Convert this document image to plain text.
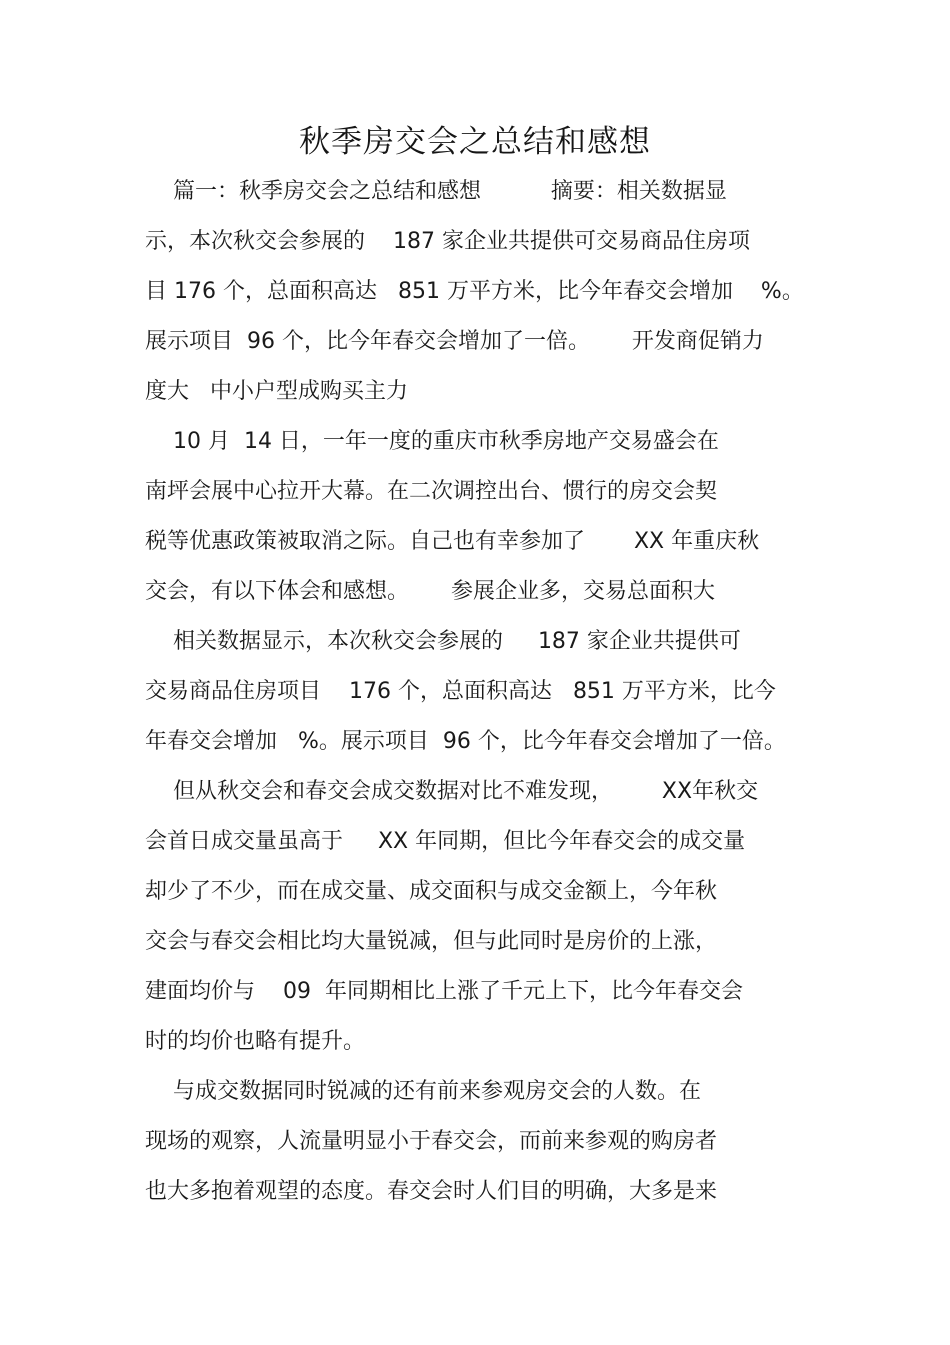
秋季房交会之总结和感想
篇一：秋季房交会之总结和感想          摘要：相关数据显
示，本次秋交会参展的    187 家企业共提供可交易商品住房项
目 176 个，总面积高达   851 万平方米，比今年春交会增加    %。
展示项目  96 个，比今年春交会增加了一倍。      开发商促销力
度大   中小户型成购买主力
10 月  14 日，一年一度的重庆市秋季房地产交易盛会在
南坪会展中心拉开大幕。在二次调控出台、惯行的房交会契
税等优惠政策被取消之际。自己也有幸参加了       XX 年重庆秋
交会，有以下体会和感想。      参展企业多，交易总面积大
相关数据显示，本次秋交会参展的     187 家企业共提供可
交易商品住房项目    176 个，总面积高达   851 万平方米，比今
年春交会增加   %。展示项目  96 个，比今年春交会增加了一倍。
但从秋交会和春交会成交数据对比不难发现，       XX年秋交
会首日成交量虽高于     XX 年同期，但比今年春交会的成交量
却少了不少，而在成交量、成交面积与成交金额上，今年秋
交会与春交会相比均大量锐减，但与此同时是房价的上涨，
建面均价与    09  年同期相比上涨了千元上下，比今年春交会
时的均价也略有提升。
与成交数据同时锐减的还有前来参观房交会的人数。在
现场的观察，人流量明显小于春交会，而前来参观的购房者
也大多抱着观望的态度。春交会时人们目的明确，大多是来
